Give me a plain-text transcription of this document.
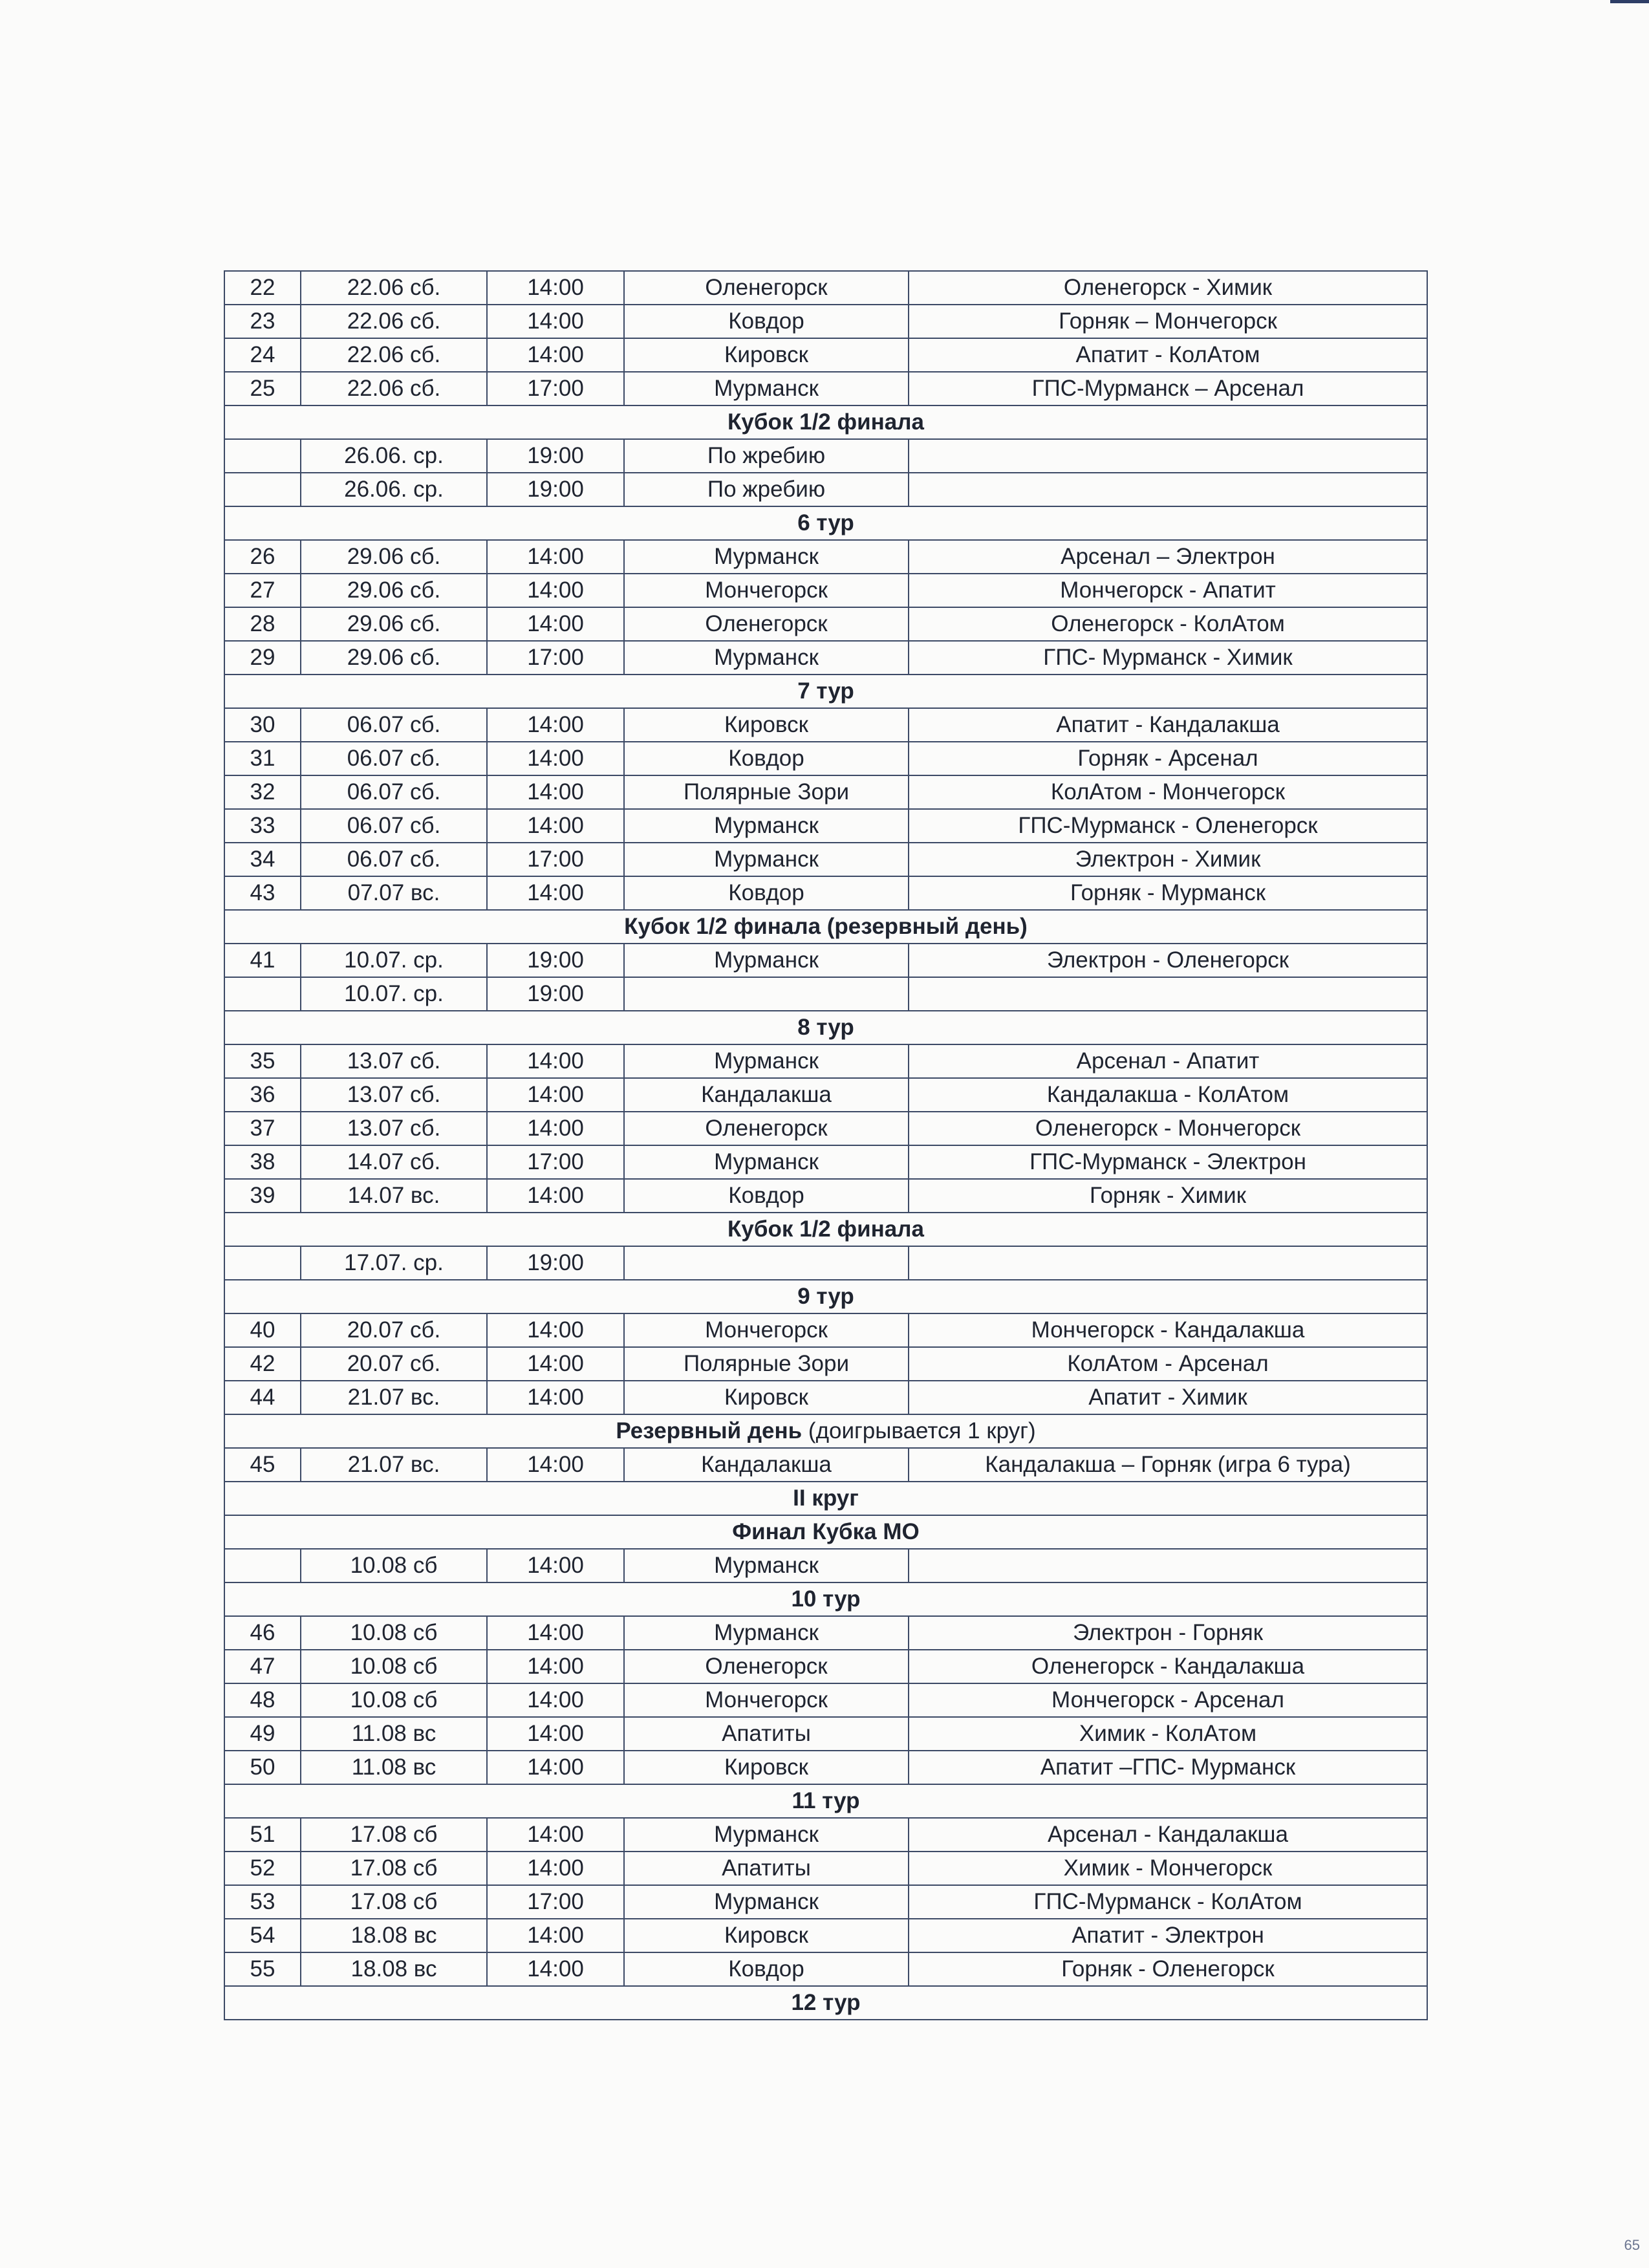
22	22.06 сб.	14:00	Оленегорск	Оленегорск - Химик
23	22.06 сб.	14:00	Ковдор	Горняк – Мончегорск
24	22.06 сб.	14:00	Кировск	Апатит - КолАтом
25	22.06 сб.	17:00	Мурманск	ГПС-Мурманск – Арсенал
Кубок 1/2 финала				
	26.06. ср.	19:00	По жребию	
	26.06. ср.	19:00	По жребию	
6 тур				
26	29.06 сб.	14:00	Мурманск	Арсенал – Электрон
27	29.06 сб.	14:00	Мончегорск	Мончегорск - Апатит
28	29.06 сб.	14:00	Оленегорск	Оленегорск - КолАтом
29	29.06 сб.	17:00	Мурманск	ГПС- Мурманск - Химик
7 тур				
30	06.07 сб.	14:00	Кировск	Апатит - Кандалакша
31	06.07 сб.	14:00	Ковдор	Горняк - Арсенал
32	06.07 сб.	14:00	Полярные Зори	КолАтом - Мончегорск
33	06.07 сб.	14:00	Мурманск	ГПС-Мурманск - Оленегорск
34	06.07 сб.	17:00	Мурманск	Электрон - Химик
43	07.07 вс.	14:00	Ковдор	Горняк - Мурманск
Кубок 1/2 финала (резервный день)				
41	10.07. ср.	19:00	Мурманск	Электрон - Оленегорск
	10.07. ср.	19:00		
8 тур				
35	13.07 сб.	14:00	Мурманск	Арсенал - Апатит
36	13.07 сб.	14:00	Кандалакша	Кандалакша - КолАтом
37	13.07 сб.	14:00	Оленегорск	Оленегорск - Мончегорск
38	14.07 сб.	17:00	Мурманск	ГПС-Мурманск - Электрон
39	14.07 вс.	14:00	Ковдор	Горняк - Химик
Кубок 1/2 финала				
	17.07. ср.	19:00		
9 тур				
40	20.07 сб.	14:00	Мончегорск	Мончегорск - Кандалакша
42	20.07 сб.	14:00	Полярные Зори	КолАтом - Арсенал
44	21.07 вс.	14:00	Кировск	Апатит - Химик
Резервный день (доигрывается 1 круг)				
45	21.07 вс.	14:00	Кандалакша	Кандалакша – Горняк (игра 6 тура)
II круг				
Финал Кубка МО				
	10.08 сб	14:00	Мурманск	
10 тур				
46	10.08 сб	14:00	Мурманск	Электрон - Горняк
47	10.08 сб	14:00	Оленегорск	Оленегорск - Кандалакша
48	10.08 сб	14:00	Мончегорск	Мончегорск - Арсенал
49	11.08 вс	14:00	Апатиты	Химик - КолАтом
50	11.08 вс	14:00	Кировск	Апатит –ГПС- Мурманск
11 тур				
51	17.08 сб	14:00	Мурманск	Арсенал - Кандалакша
52	17.08 сб	14:00	Апатиты	Химик - Мончегорск
53	17.08 сб	17:00	Мурманск	ГПС-Мурманск - КолАтом
54	18.08 вс	14:00	Кировск	Апатит - Электрон
55	18.08 вс	14:00	Ковдор	Горняк - Оленегорск
12 тур				
65
